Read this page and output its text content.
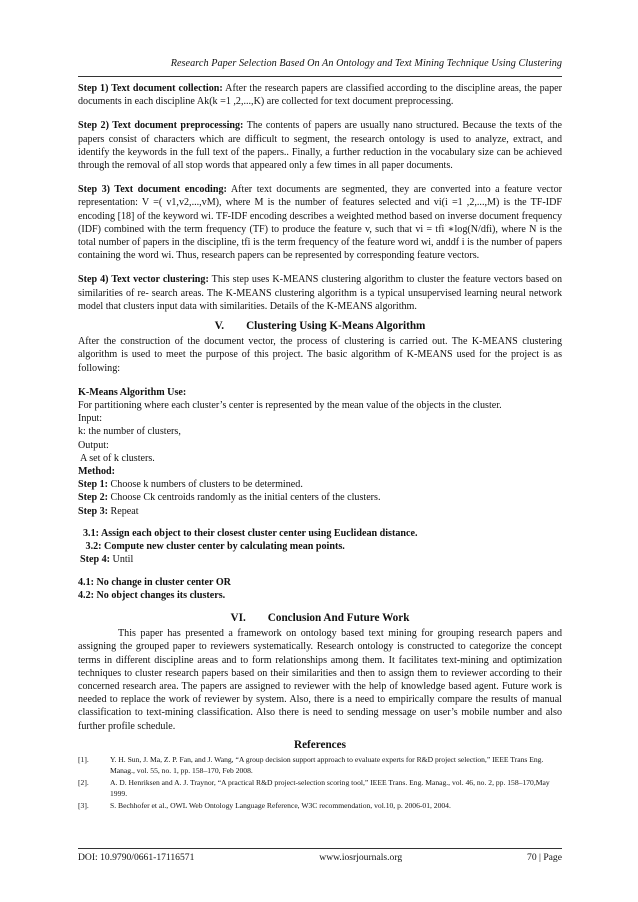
Research Paper Selection Based On An Ontology and Text Mining Technique Using Clustering

Step 1) Text document collection: After the research papers are classified according to the discipline areas, the paper documents in each discipline Ak(k =1 ,2,...,K) are collected for text document preprocessing.

Step 2) Text document preprocessing: The contents of papers are usually nano structured. Because the texts of the papers consist of characters which are difficult to segment, the research ontology is used to analyze, extract, and identify the keywords in the full text of the papers.. Finally, a further reduction in the vocabulary size can be achieved through the removal of all stop words that appeared only a few times in all paper documents.

Step 3) Text document encoding: After text documents are segmented, they are converted into a feature vector representation: V =( v1,v2,...,vM), where M is the number of features selected and vi(i =1 ,2,...,M) is the TF-IDF encoding [18] of the keyword wi. TF-IDF encoding describes a weighted method based on inverse document frequency (IDF) combined with the term frequency (TF) to produce the feature v, such that vi = tfi ∗log(N/dfi), where N is the total number of papers in the discipline, tfi is the term frequency of the feature word wi, anddf i is the number of papers containing the word wi. Thus, research papers can be represented by corresponding feature vectors.

Step 4) Text vector clustering: This step uses K-MEANS clustering algorithm to cluster the feature vectors based on similarities of re- search areas. The K-MEANS clustering algorithm is a typical unsupervised learning neural network model that clusters input data with similarities. Details of the K-MEANS algorithm.

V. Clustering Using K-Means Algorithm

After the construction of the document vector, the process of clustering is carried out. The K-MEANS clustering algorithm is used to meet the purpose of this project. The basic algorithm of K-MEANS used for the project is as following:

K-Means Algorithm Use:
For partitioning where each cluster’s center is represented by the mean value of the objects in the cluster.
Input:
k: the number of clusters,
Output:
A set of k clusters.
Method:
Step 1: Choose k numbers of clusters to be determined.
Step 2: Choose Ck centroids randomly as the initial centers of the clusters.
Step 3: Repeat
3.1: Assign each object to their closest cluster center using Euclidean distance.
3.2: Compute new cluster center by calculating mean points.
Step 4: Until
4.1: No change in cluster center OR
4.2: No object changes its clusters.
VI. Conclusion And Future Work

This paper has presented a framework on ontology based text mining for grouping research papers and assigning the grouped paper to reviewers systematically. Research ontology is constructed to categorize the concept terms in different discipline areas and to form relationships among them. It facilitates text-mining and optimization techniques to cluster research papers based on their similarities and then to assign them to reviewer according to their concerned research area. The papers are assigned to reviewer with the help of knowledge based agent. Future work is needed to replace the work of reviewer by system. Also, there is a need to empirically compare the results of manual classification to text-mining classification. Also there is need to sending message on user’s mobile number and also further profile schedule.

References
[1].	Y. H. Sun, J. Ma, Z. P. Fan, and J. Wang, “A group decision support approach to evaluate experts for R&D project selection,” IEEE Trans Eng. Manag., vol. 55, no. 1, pp. 158–170, Feb 2008.
[2].	A. D. Henriksen and A. J. Traynor, “A practical R&D project-selection scoring tool,” IEEE Trans. Eng. Manag., vol. 46, no. 2, pp. 158–170,May 1999.
[3].	S. Bechhofer et al., OWL Web Ontology Language Reference, W3C recommendation, vol.10, p. 2006-01, 2004.
DOI: 10.9790/0661-17116571	www.iosrjournals.org	70 | Page
